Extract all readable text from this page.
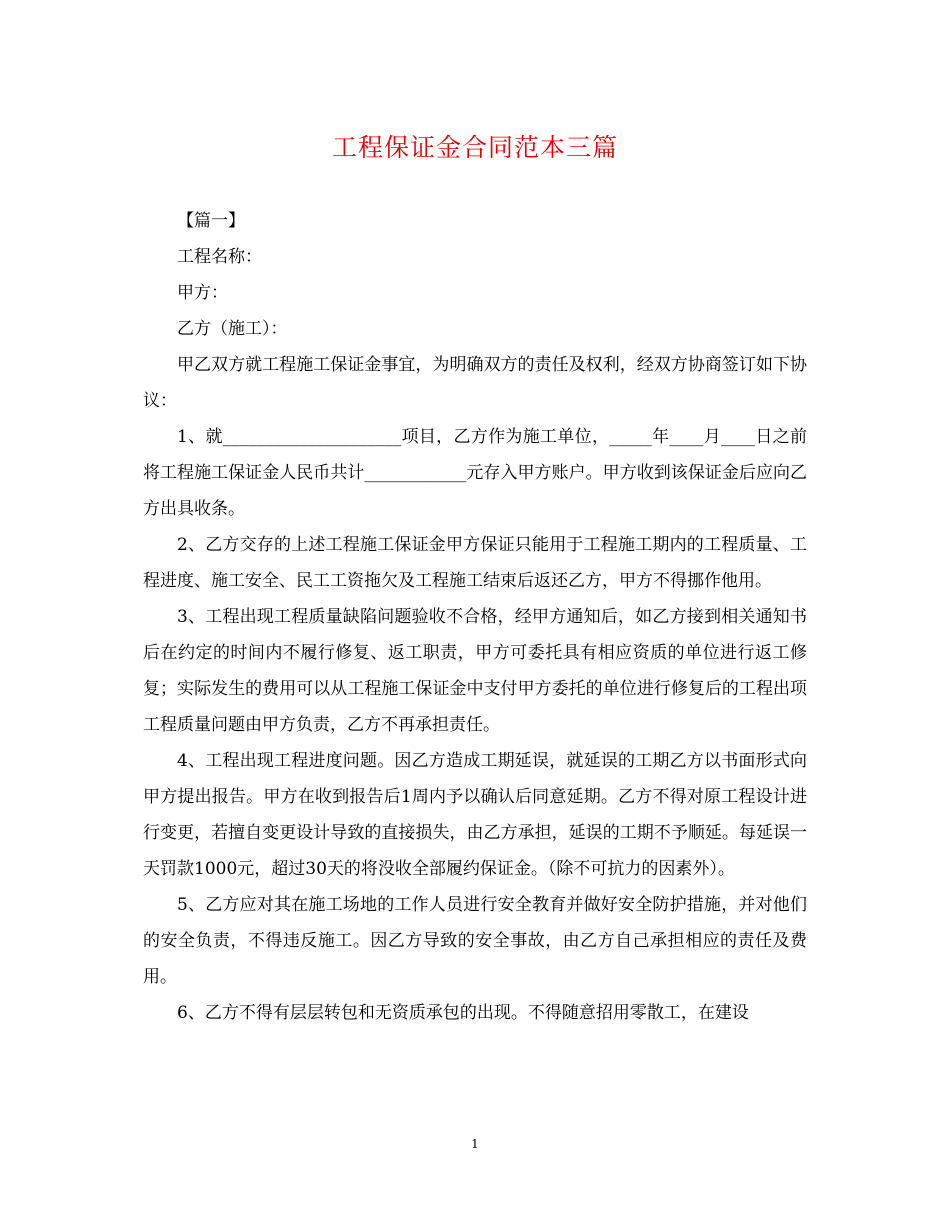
工程保证金合同范本三篇

【篇一】

工程名称：

甲方：

乙方（施工）：

甲乙双方就工程施工保证金事宜，为明确双方的责任及权利，经双方协商签订如下协议：

1、就_____________________项目，乙方作为施工单位，_____年____月____日之前将工程施工保证金人民币共计____________元存入甲方账户。甲方收到该保证金后应向乙方出具收条。

2、乙方交存的上述工程施工保证金甲方保证只能用于工程施工期内的工程质量、工程进度、施工安全、民工工资拖欠及工程施工结束后返还乙方，甲方不得挪作他用。

3、工程出现工程质量缺陷问题验收不合格，经甲方通知后，如乙方接到相关通知书后在约定的时间内不履行修复、返工职责，甲方可委托具有相应资质的单位进行返工修复；实际发生的费用可以从工程施工保证金中支付甲方委托的单位进行修复后的工程出项工程质量问题由甲方负责，乙方不再承担责任。

4、工程出现工程进度问题。因乙方造成工期延误，就延误的工期乙方以书面形式向甲方提出报告。甲方在收到报告后1周内予以确认后同意延期。乙方不得对原工程设计进行变更，若擅自变更设计导致的直接损失，由乙方承担，延误的工期不予顺延。每延误一天罚款1000元，超过30天的将没收全部履约保证金。（除不可抗力的因素外）。

5、乙方应对其在施工场地的工作人员进行安全教育并做好安全防护措施，并对他们的安全负责，不得违反施工。因乙方导致的安全事故，由乙方自己承担相应的责任及费用。

6、乙方不得有层层转包和无资质承包的出现。不得随意招用零散工，在建设

1
